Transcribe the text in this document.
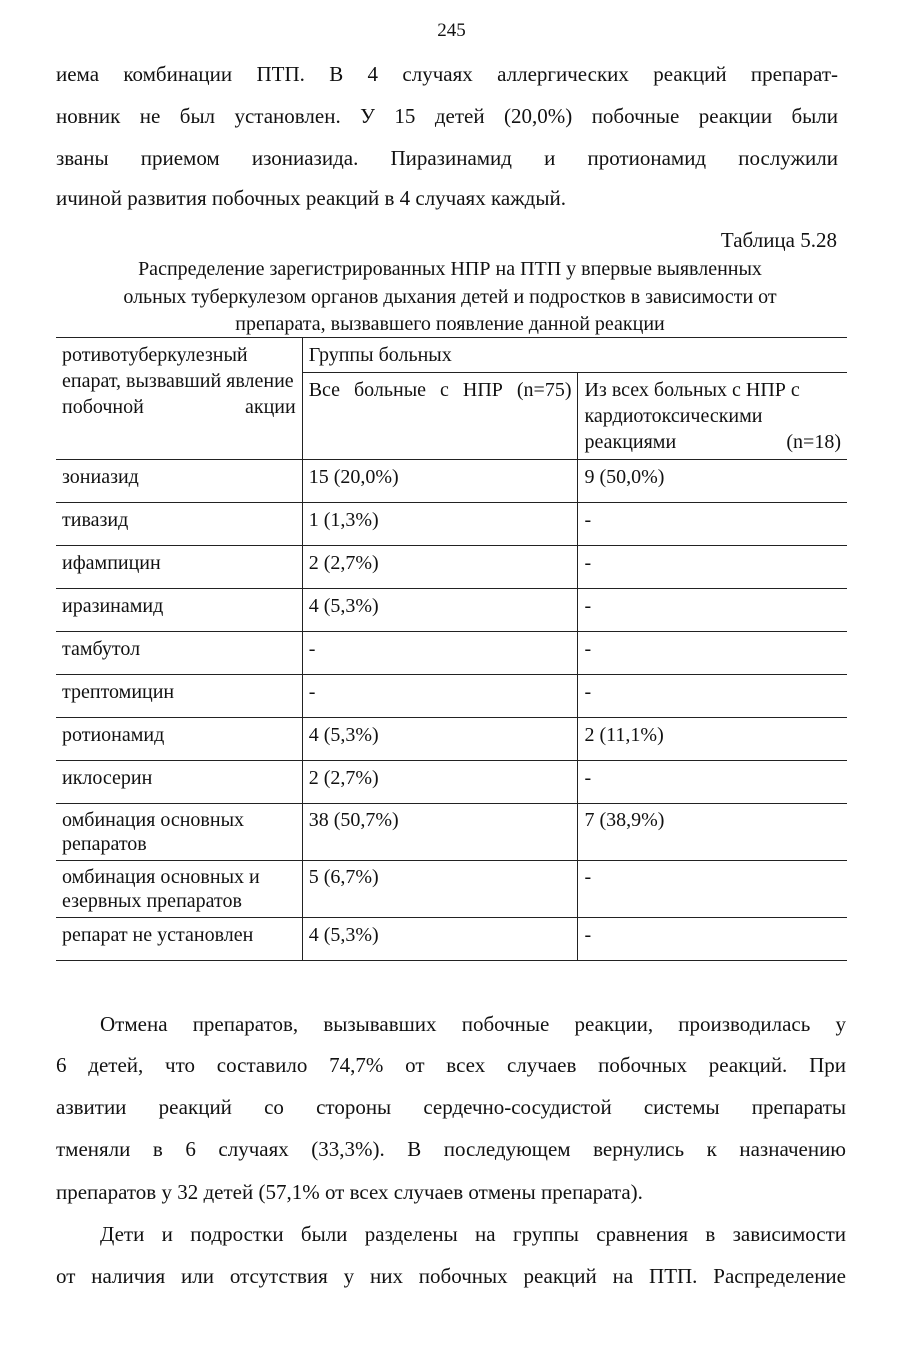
245
иема комбинации ПТП. В 4 случаях аллергических реакций препарат-
новник не был установлен. У 15 детей (20,0%) побочные реакции были
званы приемом изониазида. Пиразинамид и протионамид послужили
ичиной развития побочных реакций в 4 случаях каждый.
Таблица 5.28
Распределение зарегистрированных НПР на ПТП у впервые выявленных
ольных туберкулезом органов дыхания детей и подростков в зависимости от
препарата, вызвавшего появление данной реакции
ротивотуберкулезный епарат, вызвавший явление побочной акции	Группы больных	
	Все больные с НПР (n=75)	Из всех больных с НПР с кардиотоксическими реакциями (n=18)
зониазид	15 (20,0%)	9 (50,0%)
тивазид	1 (1,3%)	-
ифампицин	2 (2,7%)	-
иразинамид	4 (5,3%)	-
тамбутол	-	-
трептомицин	-	-
ротионамид	4 (5,3%)	2 (11,1%)
иклосерин	2 (2,7%)	-
омбинация основных репаратов	38 (50,7%)	7 (38,9%)
омбинация основных и езервных препаратов	5 (6,7%)	-
репарат не установлен	4 (5,3%)	-
Отмена препаратов, вызывавших побочные реакции, производилась у
6 детей, что составило 74,7% от всех случаев побочных реакций. При
азвитии реакций со стороны сердечно-сосудистой системы препараты
тменяли в 6 случаях (33,3%). В последующем вернулись к назначению
препаратов у 32 детей (57,1% от всех случаев отмены препарата).
Дети и подростки были разделены на группы сравнения в зависимости
от наличия или отсутствия у них побочных реакций на ПТП. Распределение
